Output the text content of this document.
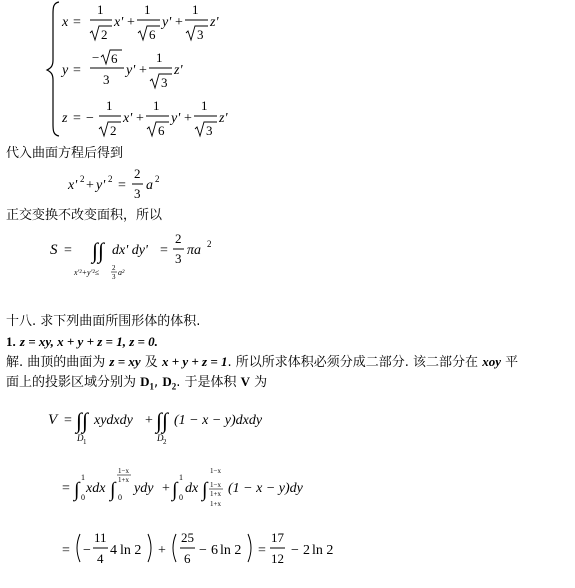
x =
1
2
x' +
1
6
y' +
1
3
z'
y =
− 6
3
y' +
1
3
z'
z = −
1
2
x' +
1
6
y' +
1
3
z'
代入曲面方程后得到
x' 2 + y' 2 =
2
3
a 2
正交变换不改变面积，所以
S = ∫∫ dx' dy' =
2
3
πa 2
x'²+y'²≤ 2
3 a²
十八. 求下列曲面所围形体的体积.
1. z = xy, x + y + z = 1, z = 0.
解. 曲顶的曲面为 z = xy 及 x + y + z = 1. 所以所求体积必须分成二部分. 该二部分在 xoy 平
面上的投影区域分别为 $D_1$, $D_2$. 于是体积 V 为
V = ∫∫
D 1
xydxdy + ∫∫
D 2
(1 − x − y)dxdy
= ∫
1
0
xdx ∫
1−x
1+x
0
ydy + ∫
1
0
dx ∫
1−x
1−x
1+x
1+x
(1 − x − y)dy
= −
11
4
4 ln 2 +
25
6
− 6 ln 2 =
17
12
− 2 ln 2
